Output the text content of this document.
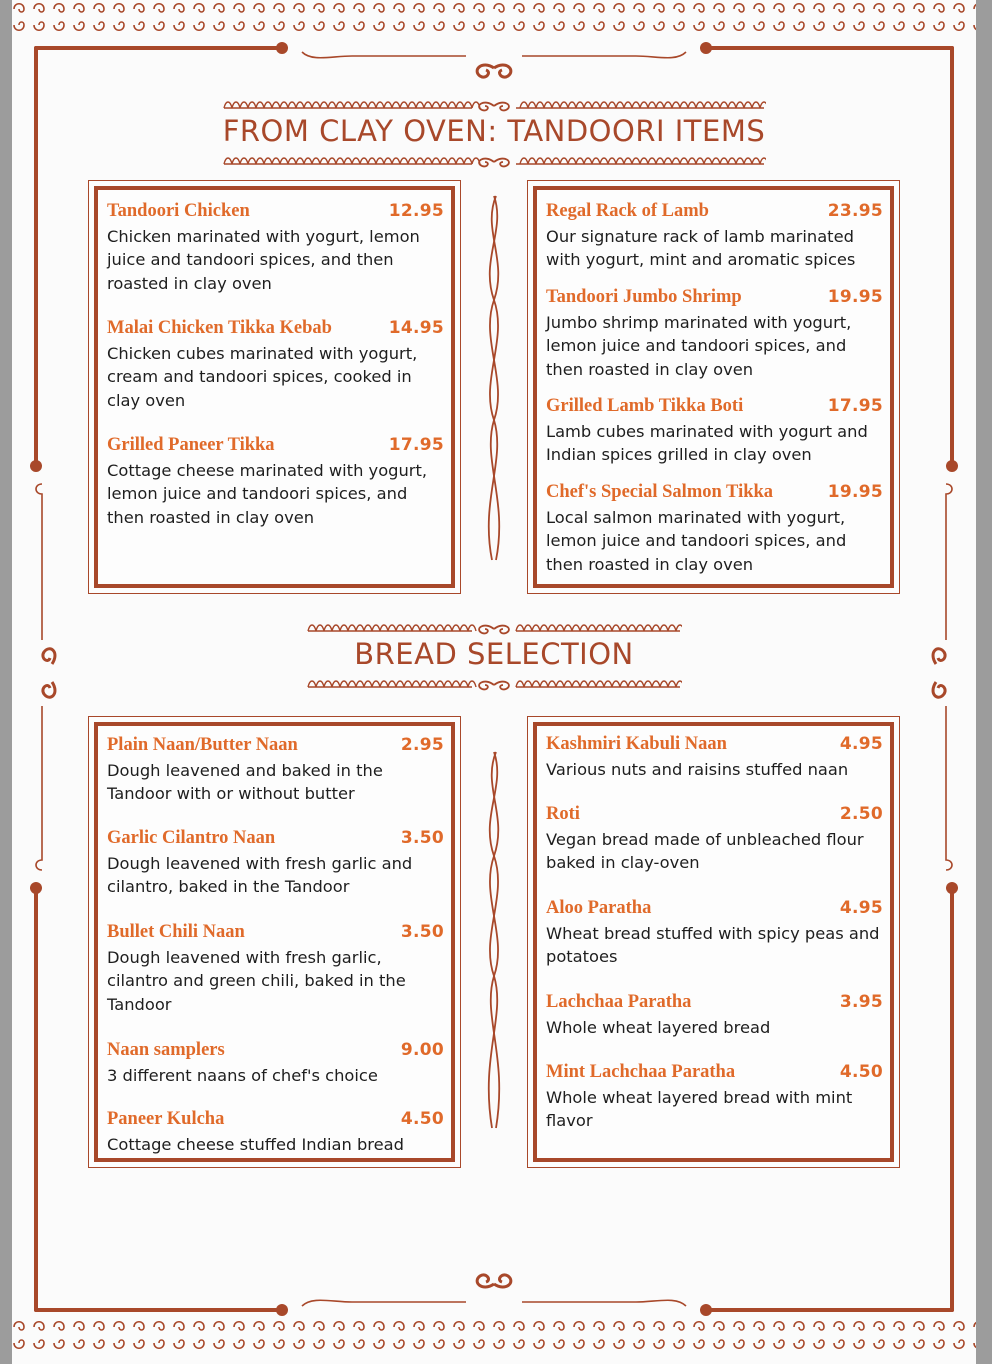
FROM CLAY OVEN: TANDOORI ITEMS
BREAD SELECTION
Tandoori Chicken	12.95
Chicken marinated with yogurt, lemon juice and tandoori spices, and then roasted in clay oven
Malai Chicken Tikka Kebab	14.95
Chicken cubes marinated with yogurt, cream and tandoori spices, cooked in clay oven
Grilled Paneer Tikka	17.95
Cottage cheese marinated with yogurt, lemon juice and tandoori spices, and then roasted in clay oven
Regal Rack of Lamb	23.95
Our signature rack of lamb marinated with yogurt, mint and aromatic spices
Tandoori Jumbo Shrimp	19.95
Jumbo shrimp marinated with yogurt, lemon juice and tandoori spices, and then roasted in clay oven
Grilled Lamb Tikka Boti	17.95
Lamb cubes marinated with yogurt and Indian spices grilled in clay oven
Chef's Special Salmon Tikka	19.95
Local salmon marinated with yogurt, lemon juice and tandoori spices, and then roasted in clay oven
Plain Naan/Butter Naan	2.95
Dough leavened and baked in the Tandoor with or without butter
Garlic Cilantro Naan	3.50
Dough leavened with fresh garlic and cilantro, baked in the Tandoor
Bullet Chili Naan	3.50
Dough leavened with fresh garlic, cilantro and green chili, baked in the Tandoor
Naan samplers	9.00
3 different naans of chef's choice
Paneer Kulcha	4.50
Cottage cheese stuffed Indian bread
Kashmiri Kabuli Naan	4.95
Various nuts and raisins stuffed naan
Roti	2.50
Vegan bread made of unbleached flour baked in clay-oven
Aloo Paratha	4.95
Wheat bread stuffed with spicy peas and potatoes
Lachchaa Paratha	3.95
Whole wheat layered bread
Mint Lachchaa Paratha	4.50
Whole wheat layered bread with mint flavor
